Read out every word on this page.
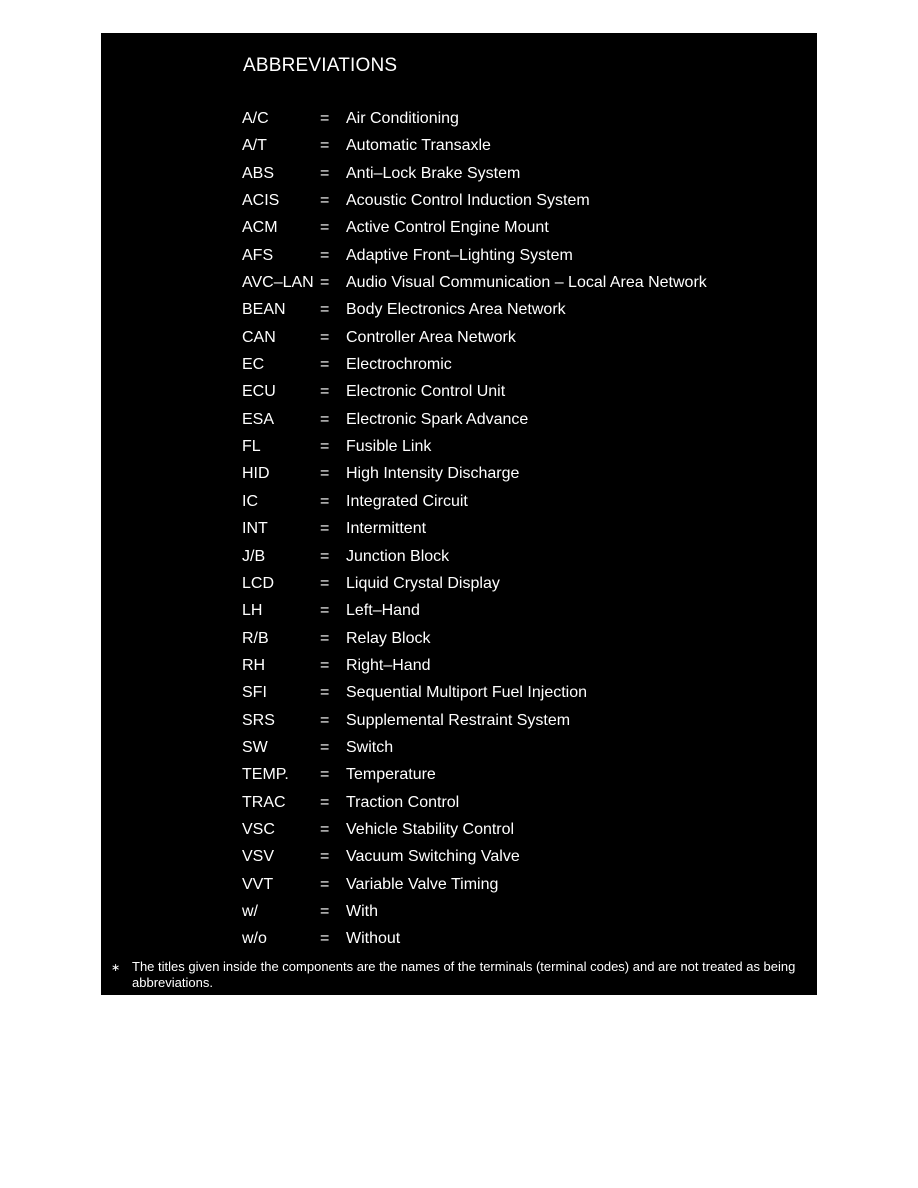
ABBREVIATIONS
A/C	= Air Conditioning
A/T	= Automatic Transaxle
ABS	= Anti–Lock Brake System
ACIS	= Acoustic Control Induction System
ACM	= Active Control Engine Mount
AFS	= Adaptive Front–Lighting System
AVC–LAN = Audio Visual Communication – Local Area Network
BEAN = Body Electronics Area Network
CAN	= Controller Area Network
EC	= Electrochromic
ECU	= Electronic Control Unit
ESA	= Electronic Spark Advance
FL	= Fusible Link
HID	= High Intensity Discharge
IC	= Integrated Circuit
INT	= Intermittent
J/B	= Junction Block
LCD	= Liquid Crystal Display
LH	= Left–Hand
R/B	= Relay Block
RH	= Right–Hand
SFI	= Sequential Multiport Fuel Injection
SRS	= Supplemental Restraint System
SW	= Switch
TEMP. = Temperature
TRAC = Traction Control
VSC	= Vehicle Stability Control
VSV	= Vacuum Switching Valve
VVT	= Variable Valve Timing
w/	= With
w/o	= Without
∗ The titles given inside the components are the names of the terminals (terminal codes) and are not treated as being abbreviations.
